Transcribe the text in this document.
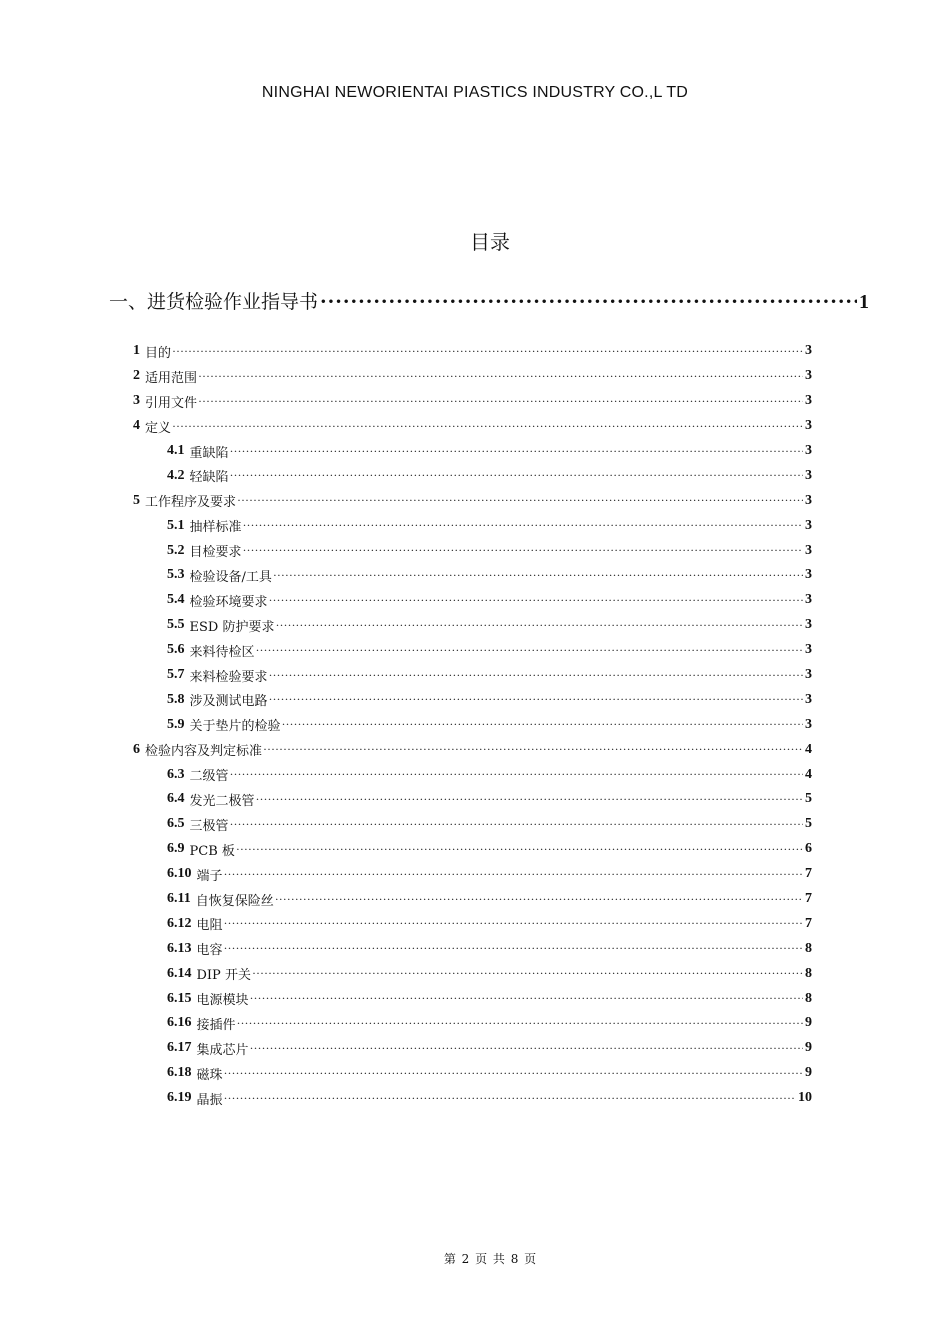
NINGHAI NEWORIENTAI PIASTICS INDUSTRY CO.,L TD
目录
一、进货检验作业指导书 ·····	1
1 目的 ·····	3
2 适用范围 ·····	3
3 引用文件 ·····	3
4 定义 ·····	3
4.1 重缺陷 ·····	3
4.2 轻缺陷 ·····	3
5 工作程序及要求 ·····	3
5.1 抽样标准 ·····	3
5.2 目检要求 ·····	3
5.3 检验设备/工具 ·····	3
5.4 检验环境要求 ·····	3
5.5 ESD 防护要求 ·····	3
5.6 来料待检区 ·····	3
5.7 来料检验要求 ·····	3
5.8 涉及测试电路 ·····	3
5.9 关于垫片的检验 ·····	3
6 检验内容及判定标准 ·····	4
6.3 二级管 ·····	4
6.4 发光二极管 ·····	5
6.5 三极管 ·····	5
6.9 PCB 板 ·····	6
6.10 端子 ·····	7
6.11 自恢复保险丝 ·····	7
6.12 电阻 ·····	7
6.13 电容 ·····	8
6.14 DIP 开关 ·····	8
6.15 电源模块 ·····	8
6.16 接插件 ·····	9
6.17 集成芯片 ·····	9
6.18 磁珠 ·····	9
6.19 晶振 ·····	10
第 2 页 共 8 页
